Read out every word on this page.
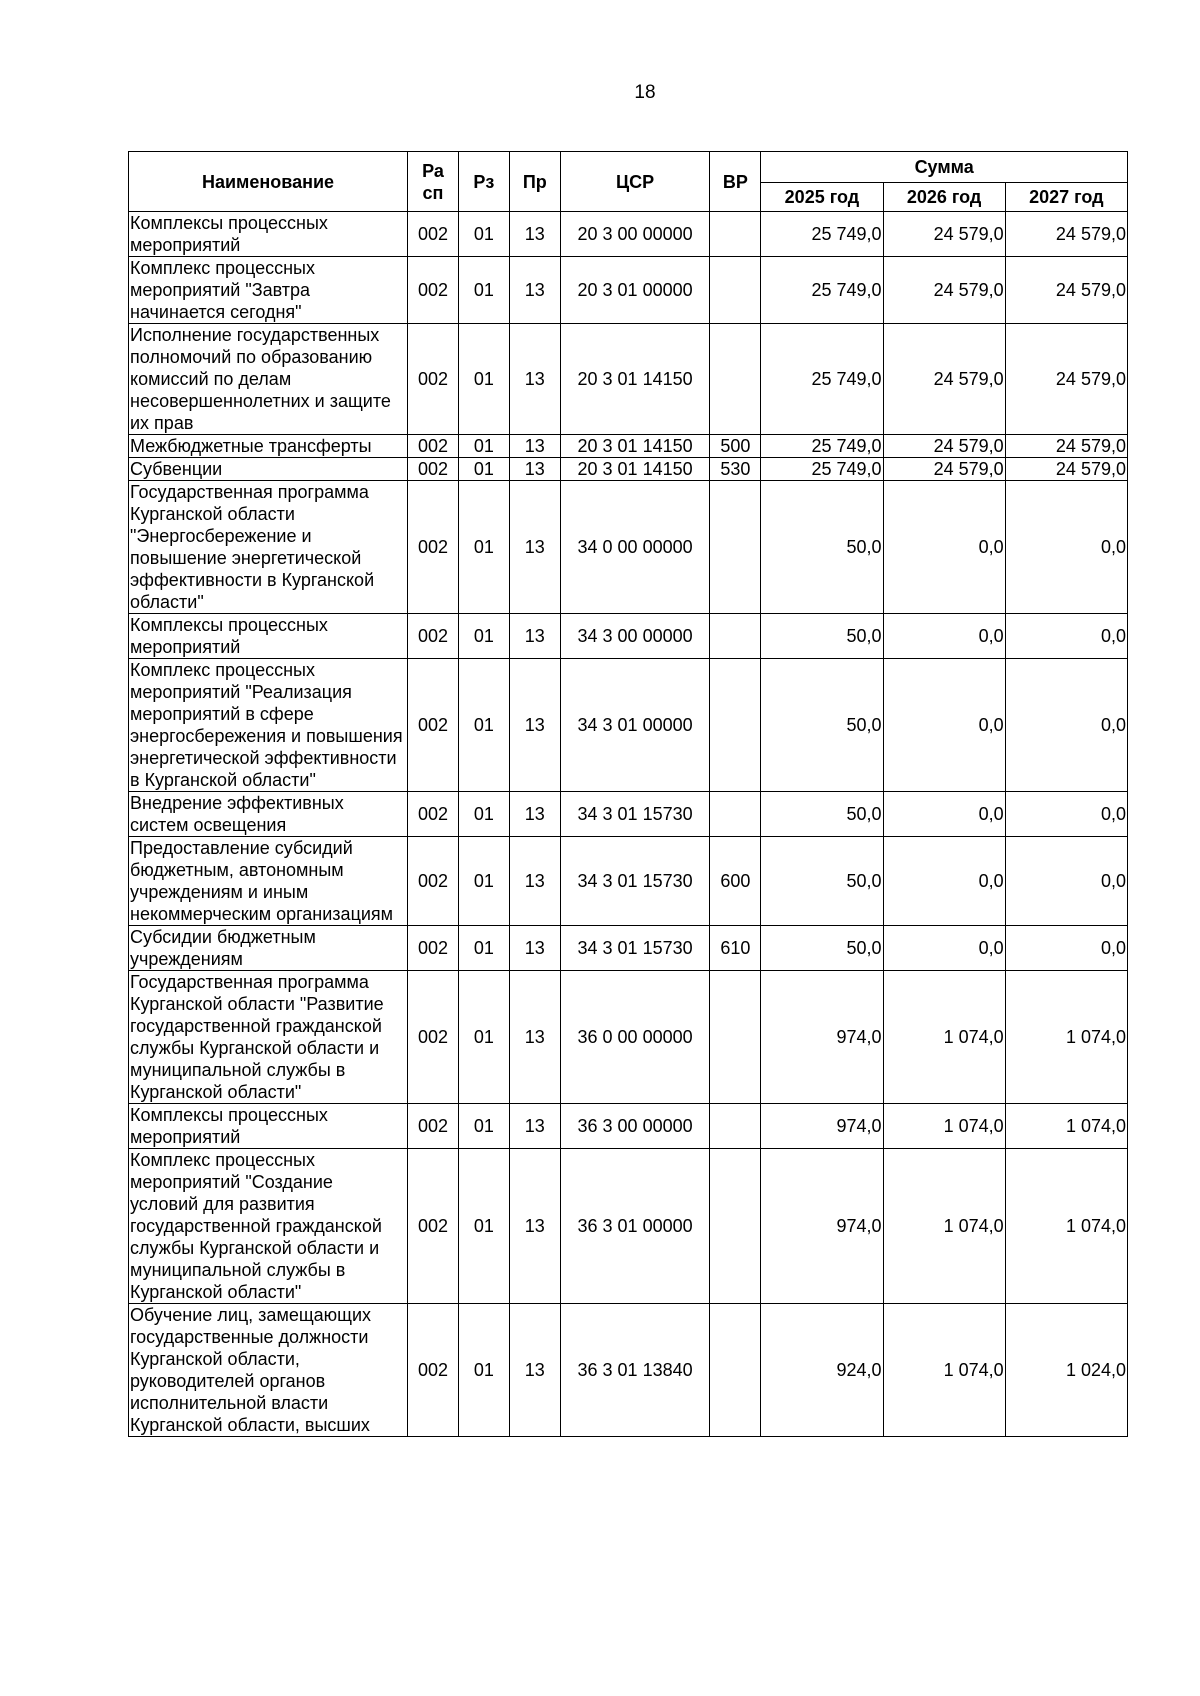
18
Наименование	Ра сп	Рз	Пр	ЦСР	ВР	Сумма		
						2025 год	2026 год	2027 год
Комплексы процессных мероприятий	002	01	13	20 3 00 00000		25 749,0	24 579,0	24 579,0
Комплекс процессных мероприятий "Завтра начинается сегодня"	002	01	13	20 3 01 00000		25 749,0	24 579,0	24 579,0
Исполнение государственных полномочий по образованию комиссий по делам несовершеннолетних и защите их прав	002	01	13	20 3 01 14150		25 749,0	24 579,0	24 579,0
Межбюджетные трансферты	002	01	13	20 3 01 14150	500	25 749,0	24 579,0	24 579,0
Субвенции	002	01	13	20 3 01 14150	530	25 749,0	24 579,0	24 579,0
Государственная программа Курганской области "Энергосбережение и повышение энергетической эффективности в Курганской области"	002	01	13	34 0 00 00000		50,0	0,0	0,0
Комплексы процессных мероприятий	002	01	13	34 3 00 00000		50,0	0,0	0,0
Комплекс процессных мероприятий "Реализация мероприятий в сфере энергосбережения и повышения энергетической эффективности в Курганской области"	002	01	13	34 3 01 00000		50,0	0,0	0,0
Внедрение эффективных систем освещения	002	01	13	34 3 01 15730		50,0	0,0	0,0
Предоставление субсидий бюджетным, автономным учреждениям и иным некоммерческим организациям	002	01	13	34 3 01 15730	600	50,0	0,0	0,0
Субсидии бюджетным учреждениям	002	01	13	34 3 01 15730	610	50,0	0,0	0,0
Государственная программа Курганской области "Развитие государственной гражданской службы Курганской области и муниципальной службы в Курганской области"	002	01	13	36 0 00 00000		974,0	1 074,0	1 074,0
Комплексы процессных мероприятий	002	01	13	36 3 00 00000		974,0	1 074,0	1 074,0
Комплекс процессных мероприятий "Создание условий для развития государственной гражданской службы Курганской области и муниципальной службы в Курганской области"	002	01	13	36 3 01 00000		974,0	1 074,0	1 074,0
Обучение лиц, замещающих государственные должности Курганской области, руководителей органов исполнительной власти Курганской области, высших	002	01	13	36 3 01 13840		924,0	1 074,0	1 024,0
